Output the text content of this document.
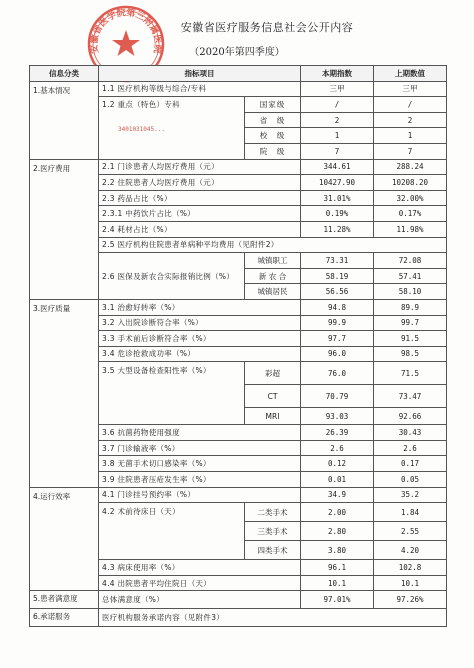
安徽省医疗服务信息社会公开内容
（2020年第四季度）
安徽省医学院第三附属医院
3401031045...
信息分类	指标项目		本期指数	上期数值
1.基本情况	1.1 医疗机构等级与综合/专科		三甲	三甲
	1.2 重点（特色）专科	国家级	/	/
		省　级	2	2
		校　级	1	1
		院　级	7	7
2.医疗费用	2.1 门诊患者人均医疗费用（元）		344.61	288.24
	2.2 住院患者人均医疗费用（元）		10427.90	10208.20
	2.3 药品占比（%）		31.01%	32.00%
	2.3.1 中药饮片占比（%）		0.19%	0.17%
	2.4 耗材占比（%）		11.28%	11.98%
	2.5 医疗机构住院患者单病种平均费用（见附件2）			
	2.6 医保及新农合实际报销比例（%）	城镇职工	73.31	72.08
		新 农 合	58.19	57.41
		城镇居民	56.56	58.10
3.医疗质量	3.1 治愈好转率（%）		94.8	89.9
	3.2 入出院诊断符合率（%）		99.9	99.7
	3.3 手术前后诊断符合率（%）		97.7	91.5
	3.4 危诊抢救成功率（%）		96.0	98.5
	3.5 大型设备检查阳性率（%）	彩超	76.0	71.5
		CT	70.79	73.47
		MRI	93.03	92.66
	3.6 抗菌药物使用强度		26.39	30.43
	3.7 门诊输液率（%）		2.6	2.6
	3.8 无菌手术切口感染率（%）		0.12	0.17
	3.9 住院患者压疮发生率（%）		0.01	0.05
4.运行效率	4.1 门诊挂号预约率（%）		34.9	35.2
	4.2 术前待床日（天）	二类手术	2.00	1.84
		三类手术	2.80	2.55
		四类手术	3.80	4.20
	4.3 病床使用率（%）		96.1	102.8
	4.4 出院患者平均住院日（天）		10.1	10.1
5.患者满意度	总体满意度（%）		97.01%	97.26%
6.承诺服务	医疗机构服务承诺内容（见附件3）			
